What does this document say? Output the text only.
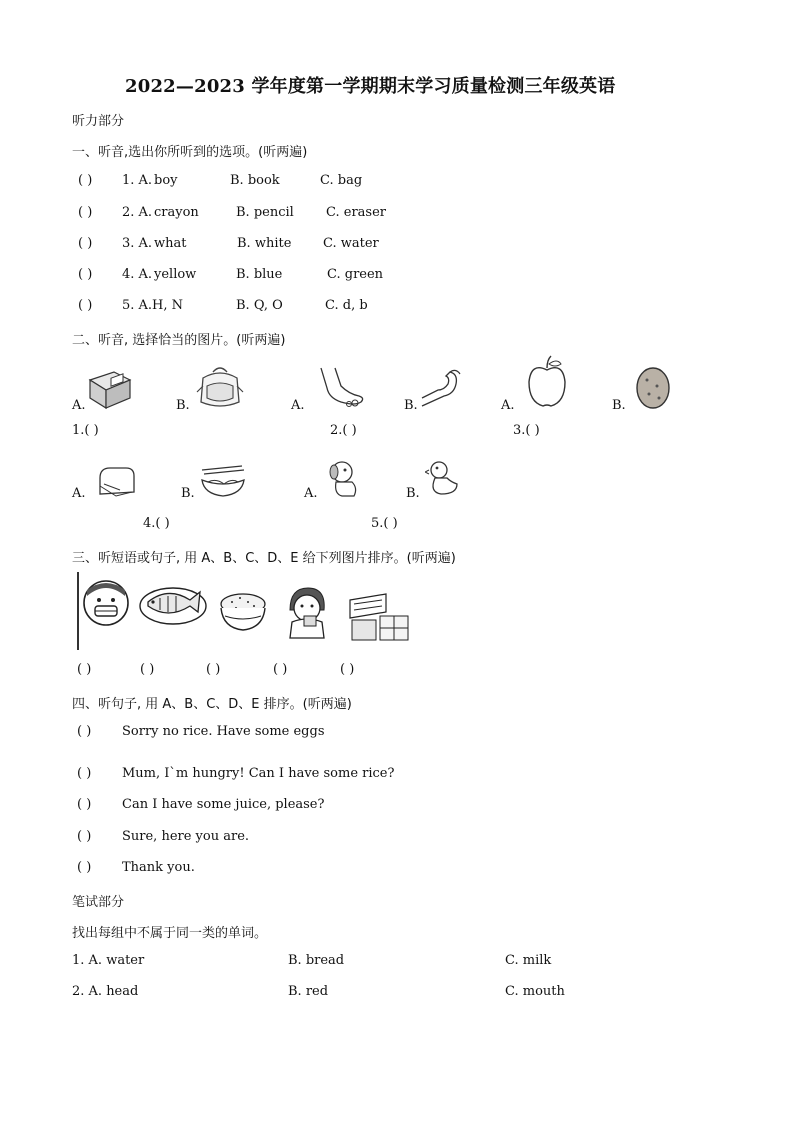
2022—2023 学年度第一学期期末学习质量检测三年级英语
听力部分
一、听音,选出你所听到的选项。(听两遍)
( ) 1. A. boy	B. book	C. bag
( ) 2. A. crayon	B. pencil C. eraser
( ) 3. A. what	B. white C. water
( ) 4. A. yellow	B. blue	C. green
( ) 5. A. H, N	B. Q, O	C. d, b
二、听音, 选择恰当的图片。(听两遍)
A.	B.	A.	B.	A.	B.
1.( )	2.( )	3.( )
A.	B.	A.	B.
4.( )	5.( )
三、听短语或句子, 用 A、B、C、D、E 给下列图片排序。(听两遍)
( )	( )	( )	( )	( )
四、听句子, 用 A、B、C、D、E 排序。(听两遍)
( ) Sorry no rice. Have some eggs
( ) Mum, I`m hungry! Can I have some rice?
( ) Can I have some juice, please?
( ) Sure, here you are.
( ) Thank you.
笔试部分
找出每组中不属于同一类的单词。
1. A. water	B. bread	C. milk
2. A. head	B. red	C. mouth
